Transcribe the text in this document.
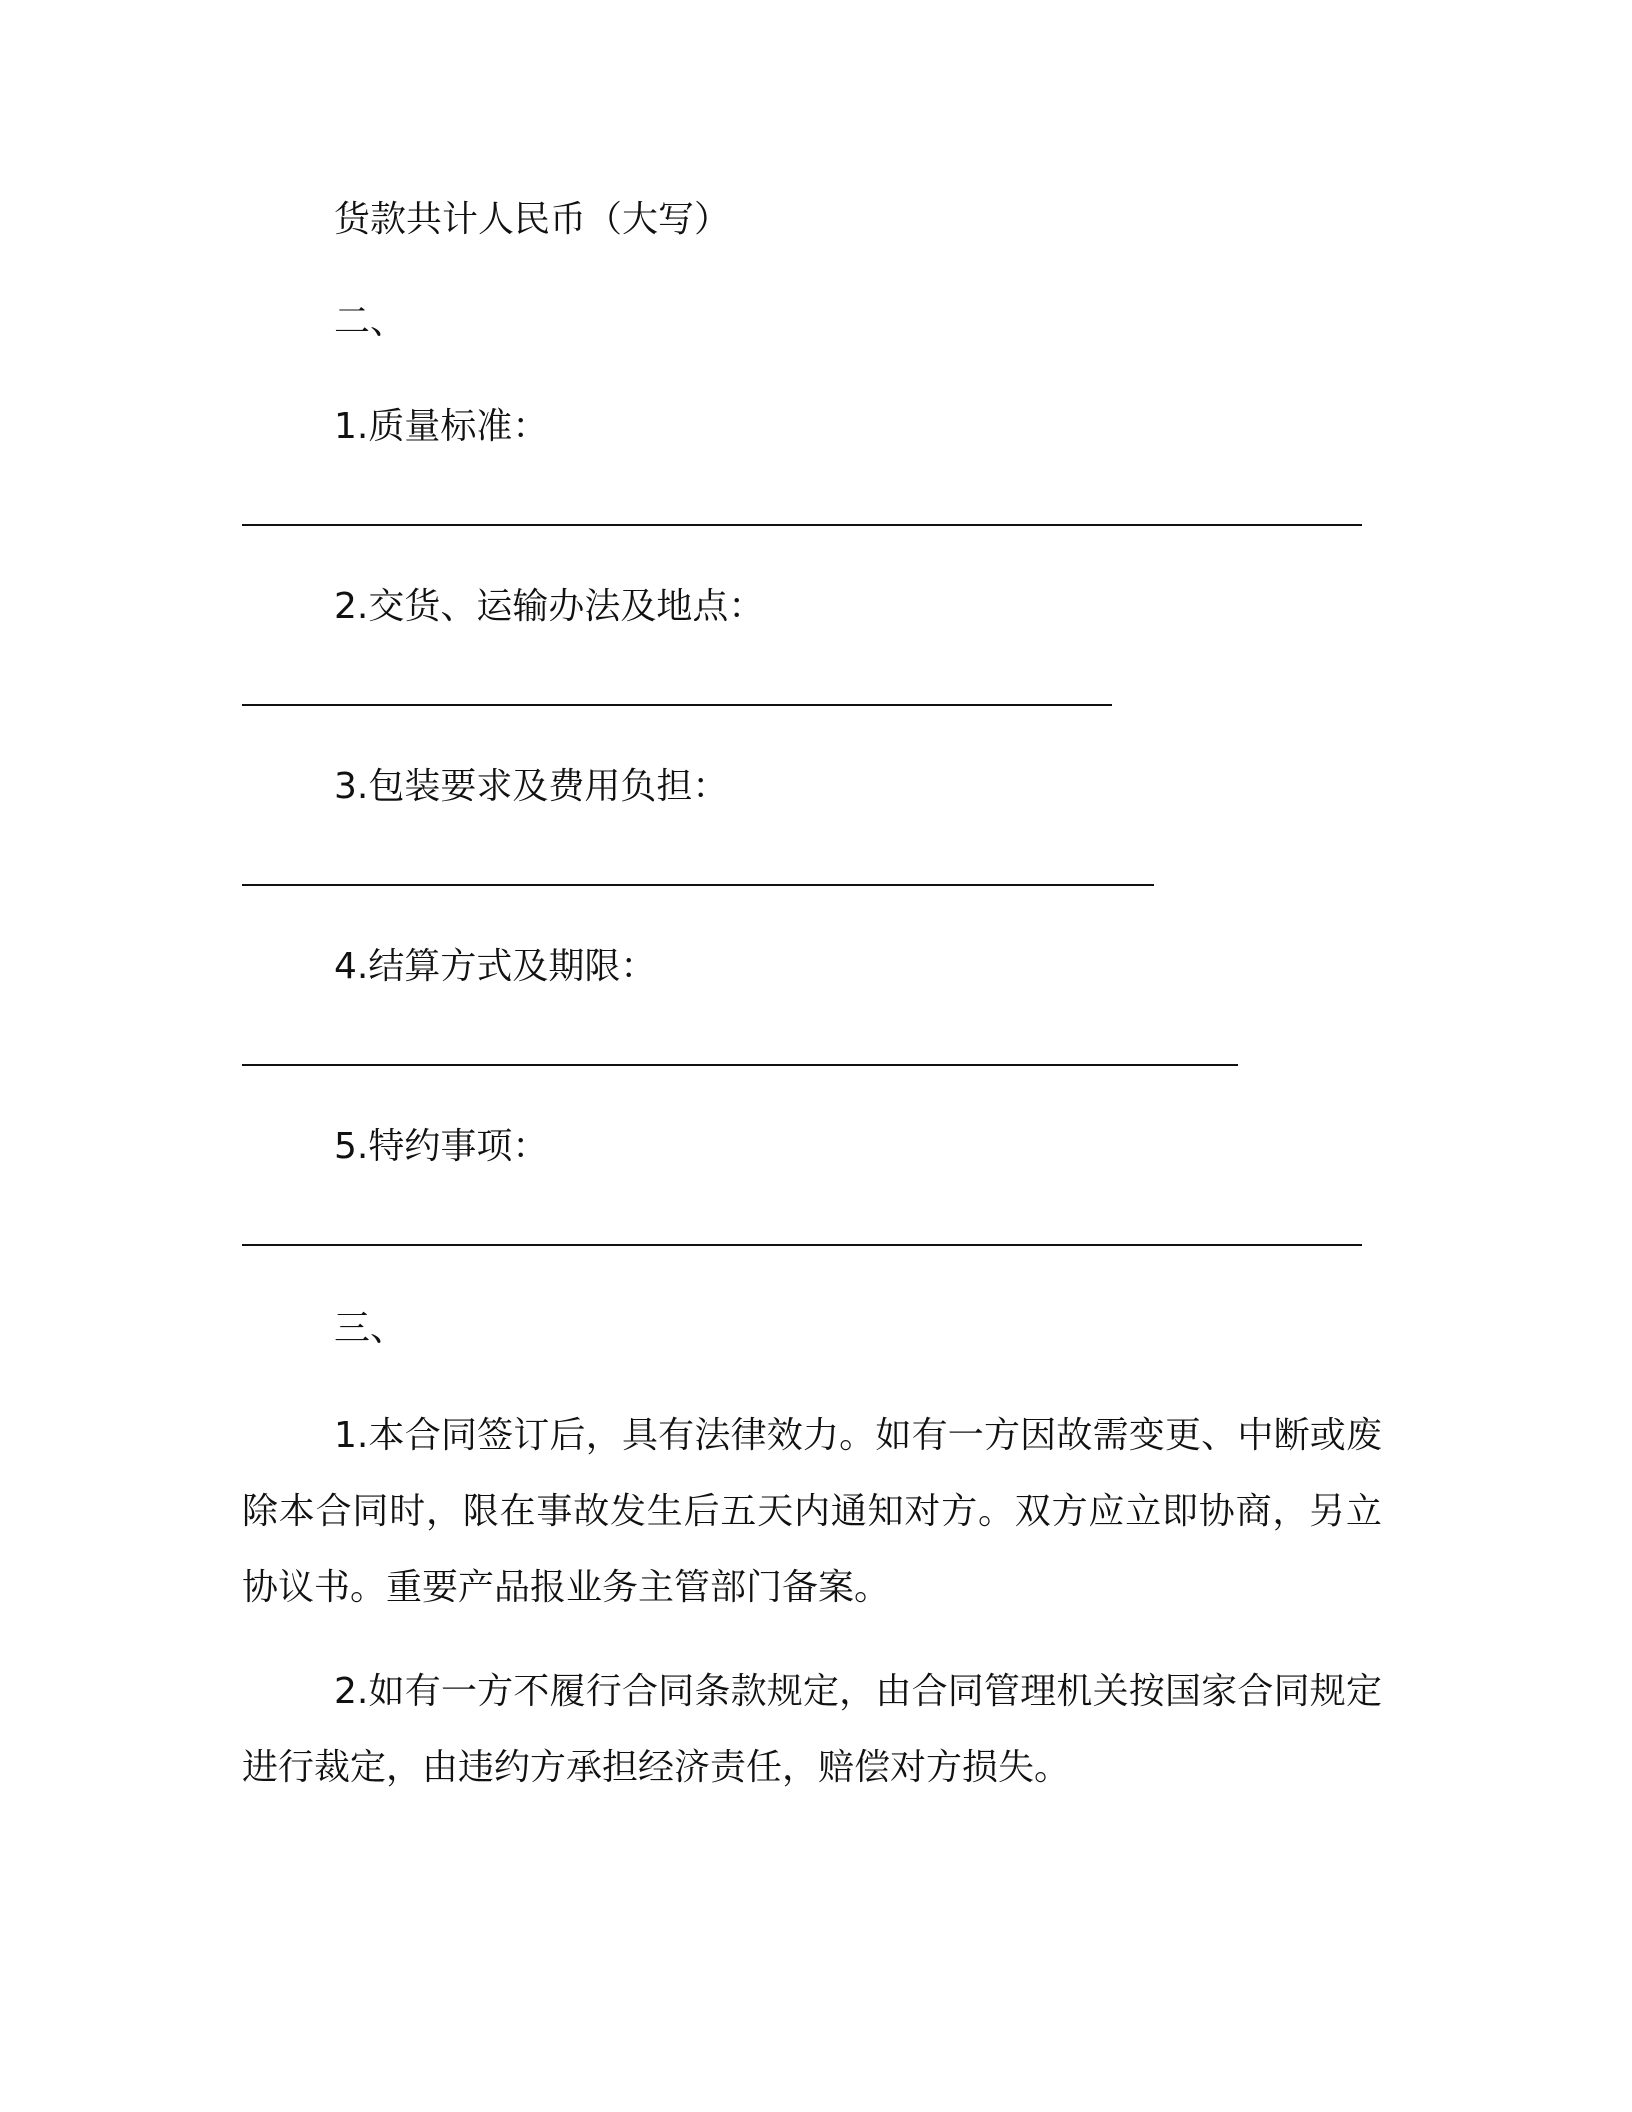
货款共计人民币（大写）

二、

1.质量标准：

2.交货、运输办法及地点：

3.包装要求及费用负担：

4.结算方式及期限：

5.特约事项：

三、

1.本合同签订后，具有法律效力。如有一方因故需变更、中断或废除本合同时，限在事故发生后五天内通知对方。双方应立即协商，另立协议书。重要产品报业务主管部门备案。

2.如有一方不履行合同条款规定，由合同管理机关按国家合同规定进行裁定，由违约方承担经济责任，赔偿对方损失。
